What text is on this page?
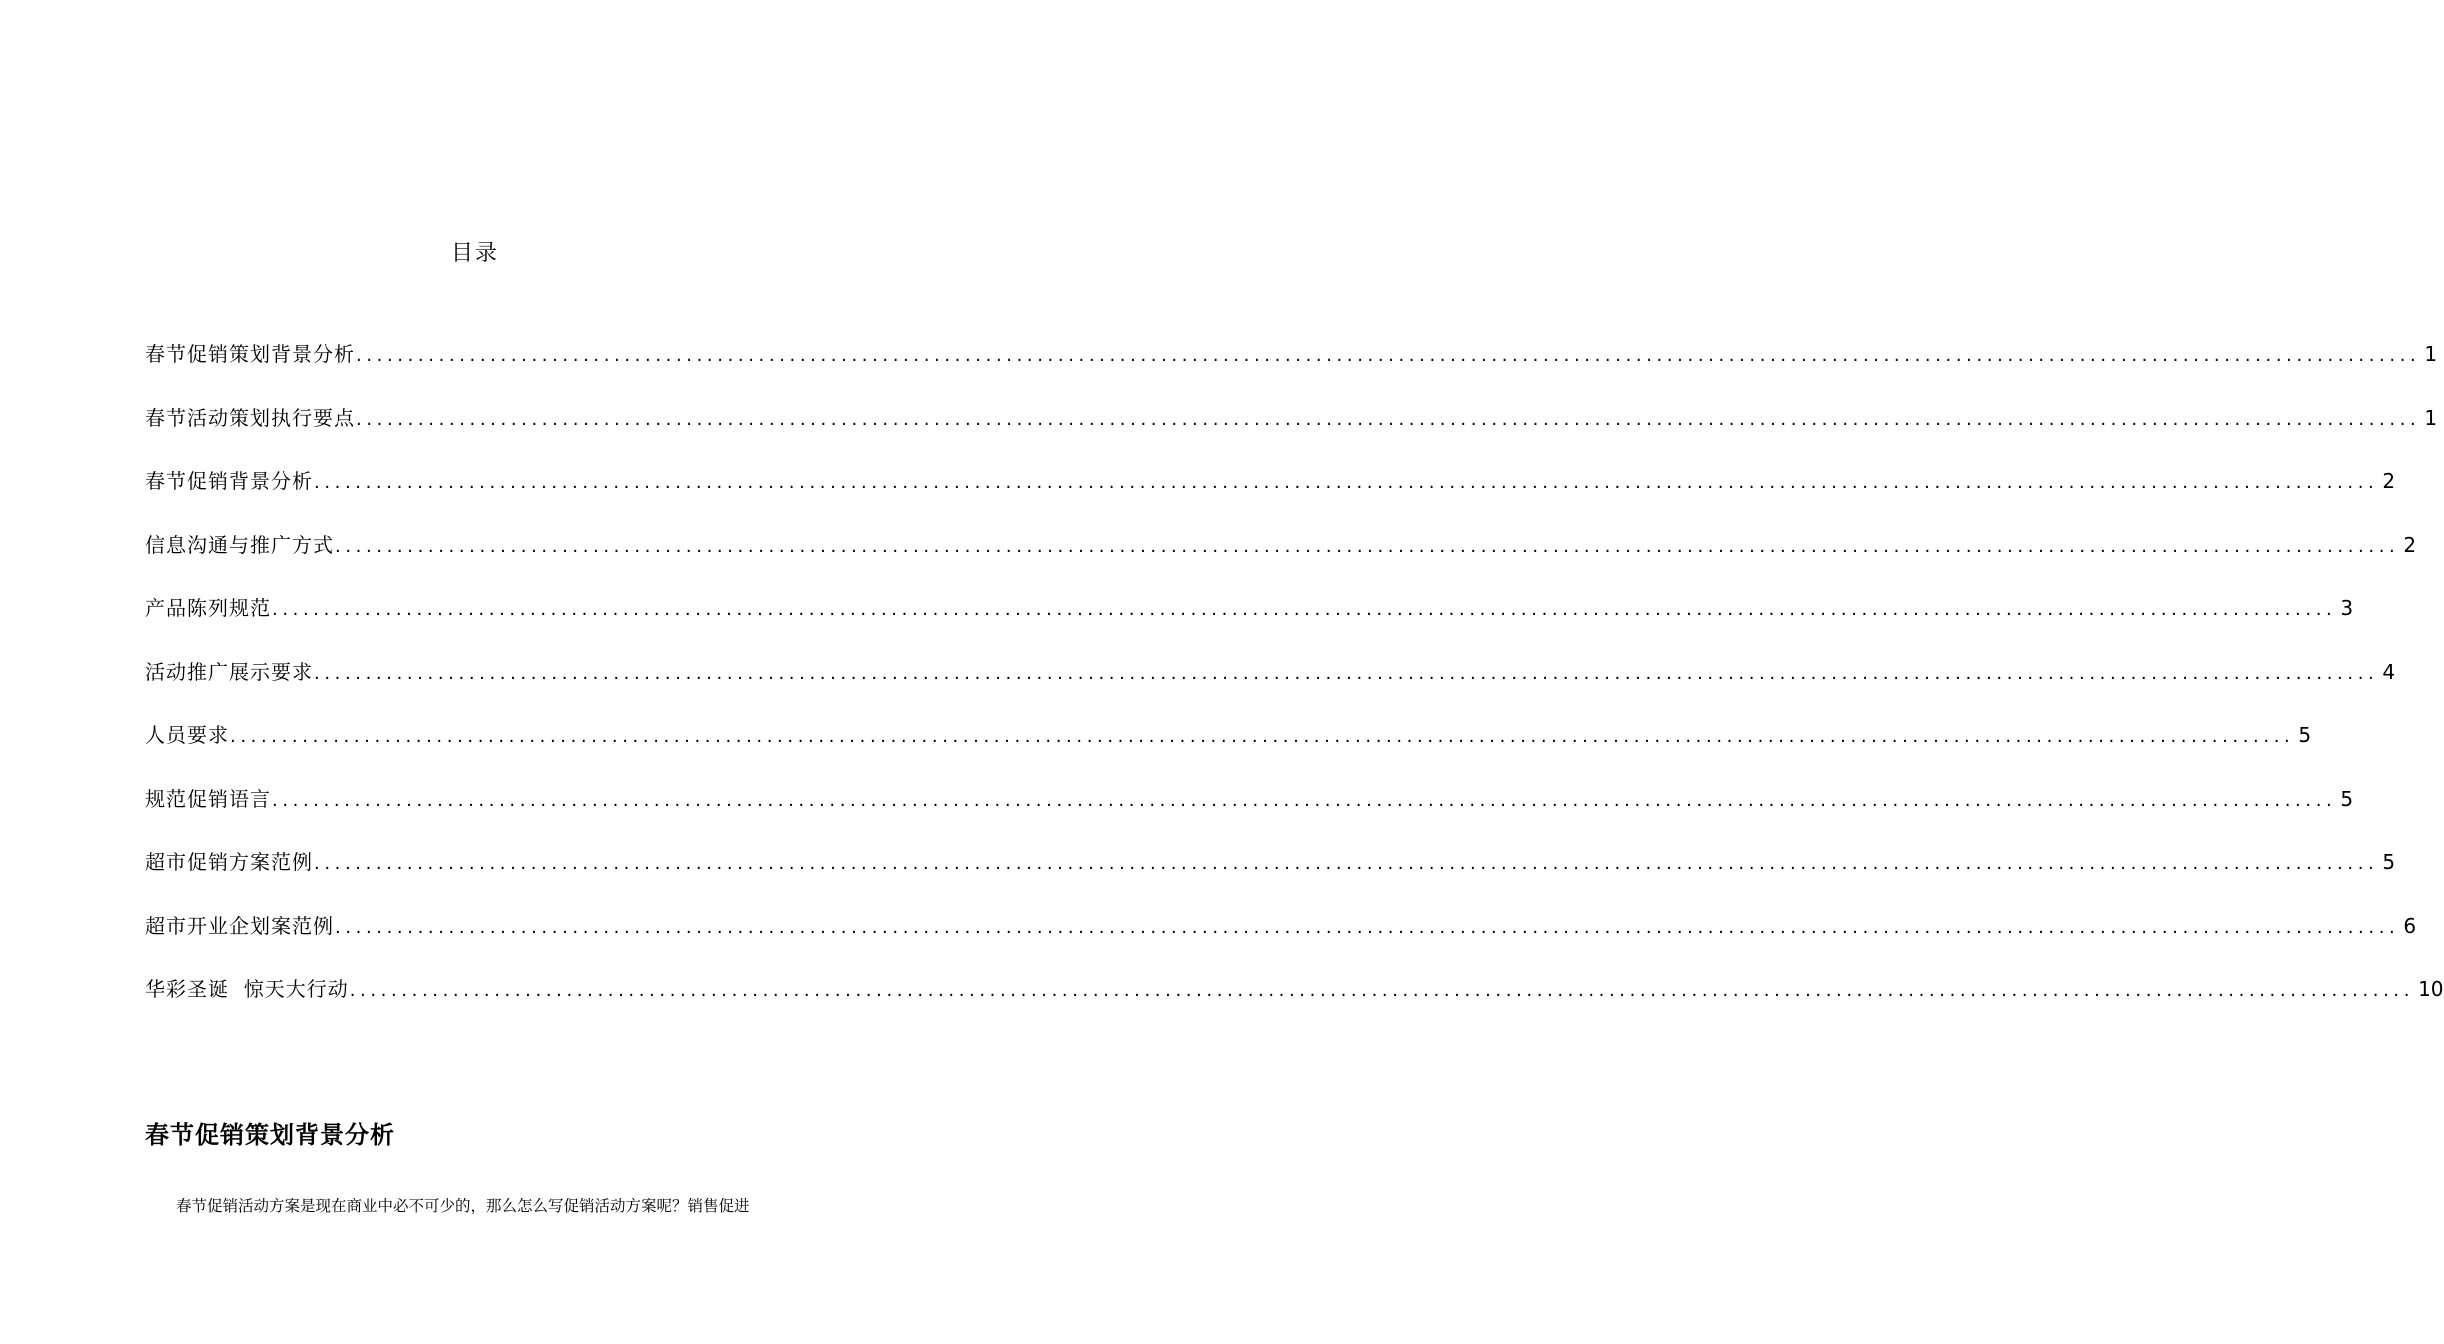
目录
春节促销策划背景分析 ........................................................................................................................................................................................................ 1
春节活动策划执行要点 ........................................................................................................................................................................................................ 1
春节促销背景分析 ........................................................................................................................................................................................................ 2
信息沟通与推广方式 ........................................................................................................................................................................................................ 2
产品陈列规范 ........................................................................................................................................................................................................ 3
活动推广展示要求 ........................................................................................................................................................................................................ 4
人员要求 ........................................................................................................................................................................................................ 5
规范促销语言 ........................................................................................................................................................................................................ 5
超市促销方案范例 ........................................................................................................................................................................................................ 5
超市开业企划案范例 ........................................................................................................................................................................................................ 6
华彩圣诞  惊天大行动 ........................................................................................................................................................................................................ 10
春节促销策划背景分析

春节促销活动方案是现在商业中必不可少的，那么怎么写促销活动方案呢？销售促进
